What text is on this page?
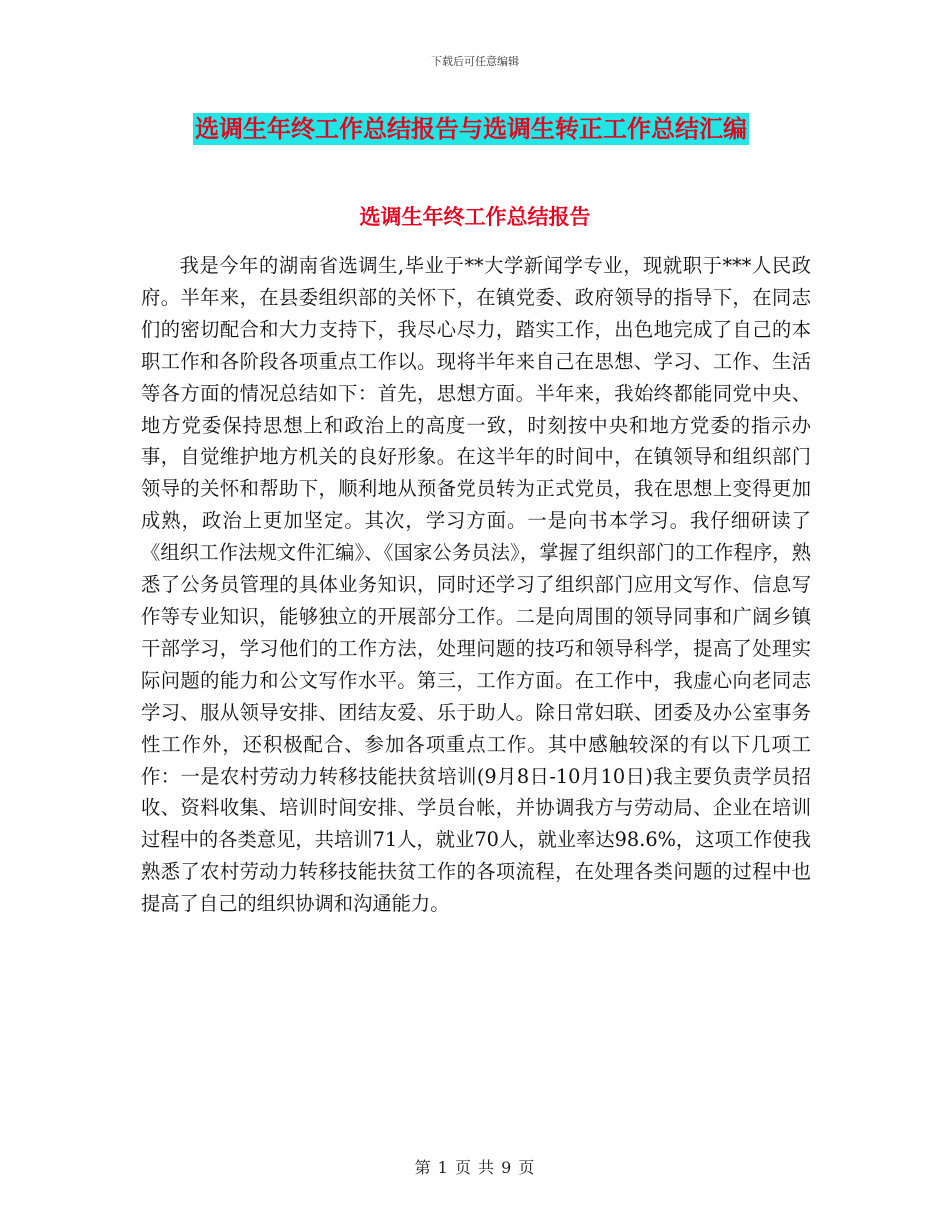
下载后可任意编辑
选调生年终工作总结报告与选调生转正工作总结汇编
选调生年终工作总结报告

我是今年的湖南省选调生,毕业于**大学新闻学专业，现就职于***人民政府。半年来，在县委组织部的关怀下，在镇党委、政府领导的指导下，在同志们的密切配合和大力支持下，我尽心尽力，踏实工作，出色地完成了自己的本职工作和各阶段各项重点工作以。现将半年来自己在思想、学习、工作、生活等各方面的情况总结如下：首先，思想方面。半年来，我始终都能同党中央、地方党委保持思想上和政治上的高度一致，时刻按中央和地方党委的指示办事，自觉维护地方机关的良好形象。在这半年的时间中，在镇领导和组织部门领导的关怀和帮助下，顺利地从预备党员转为正式党员，我在思想上变得更加成熟，政治上更加坚定。其次，学习方面。一是向书本学习。我仔细研读了《组织工作法规文件汇编》、《国家公务员法》，掌握了组织部门的工作程序，熟悉了公务员管理的具体业务知识，同时还学习了组织部门应用文写作、信息写作等专业知识，能够独立的开展部分工作。二是向周围的领导同事和广阔乡镇干部学习，学习他们的工作方法，处理问题的技巧和领导科学，提高了处理实际问题的能力和公文写作水平。第三，工作方面。在工作中，我虚心向老同志学习、服从领导安排、团结友爱、乐于助人。除日常妇联、团委及办公室事务性工作外，还积极配合、参加各项重点工作。其中感触较深的有以下几项工作：一是农村劳动力转移技能扶贫培训(9月8日-10月10日)我主要负责学员招收、资料收集、培训时间安排、学员台帐，并协调我方与劳动局、企业在培训过程中的各类意见，共培训71人，就业70人，就业率达98.6%，这项工作使我熟悉了农村劳动力转移技能扶贫工作的各项流程，在处理各类问题的过程中也提高了自己的组织协调和沟通能力。

第 1 页 共 9 页
